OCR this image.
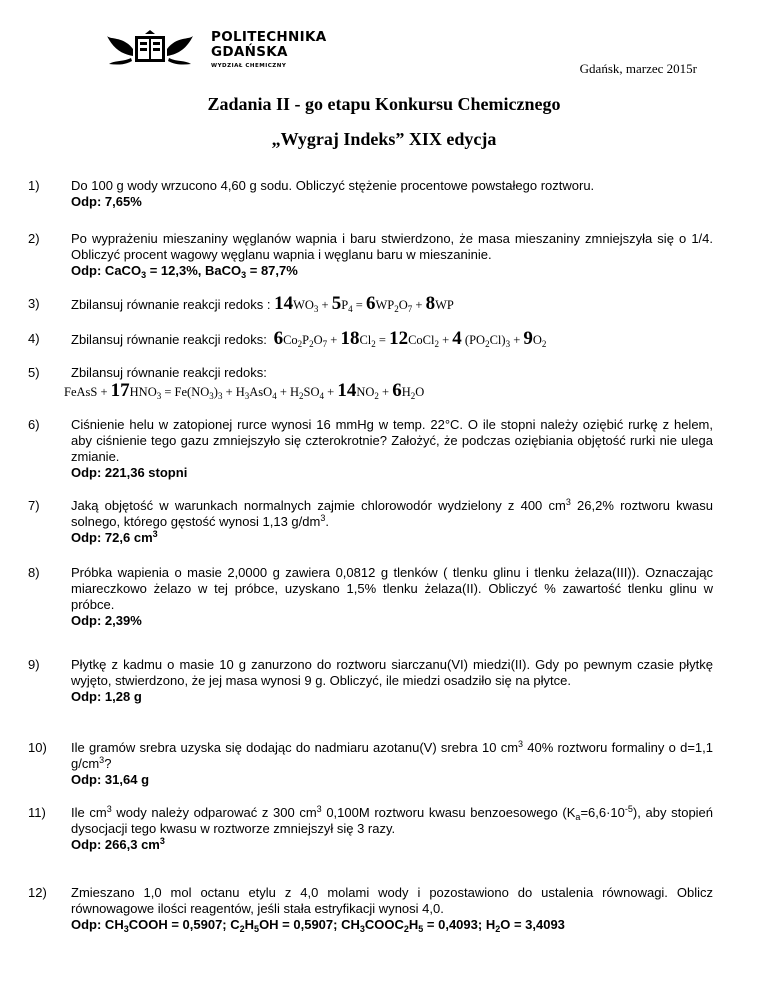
POLITECHNIKA
GDAŃSKA
WYDZIAŁ CHEMICZNY	Gdańsk, marzec 2015r
Zadania II - go etapu Konkursu Chemicznego
„Wygraj Indeks” XIX edycja
1)	Do 100 g wody wrzucono 4,60 g sodu. Obliczyć stężenie procentowe powstałego roztworu.
Odp: 7,65%
2)	Po wyprażeniu mieszaniny węglanów wapnia i baru stwierdzono, że masa mieszaniny zmniejszyła się o 1/4. Obliczyć procent wagowy węglanu wapnia i węglanu baru w mieszaninie.
Odp: CaCO$_3$ = 12,3%, BaCO$_3$ = 87,7%
3)	Zbilansuj równanie reakcji redoks : $14WO_3 + 5P_4 = 6WP_2O_7 + 8WP$
4)	Zbilansuj równanie reakcji redoks: $6Co_2P_2O_7 + 18Cl_2$ = 12CoCl$_2$ + 4 $(PO_2Cl)_3 + 9O_2$
5)	Zbilansuj równanie reakcji redoks:
FeAsS + $17HNO_3 = Fe(NO_3)_3 + H_3AsO_4 + H_2SO_4 + 14NO_2 + 6H_2O$
6)	Ciśnienie helu w zatopionej rurce wynosi 16 mmHg w temp. 22°C. O ile stopni należy oziębić rurkę z helem, aby ciśnienie tego gazu zmniejszyło się czterokrotnie? Założyć, że podczas oziębiania objętość rurki nie ulega zmianie.
Odp: 221,36 stopni
7)	Jaką objętość w warunkach normalnych zajmie chlorowodór wydzielony z 400 $cm^3$ 26,2% roztworu kwasu solnego, którego gęstość wynosi 1,13 $g/dm^3$.
Odp: 72,6 $cm^3$
8)	Próbka wapienia o masie 2,0000 g zawiera 0,0812 g tlenków ( tlenku glinu i tlenku żelaza(III)). Oznaczając miareczkowo żelazo w tej próbce, uzyskano 1,5% tlenku żelaza(II). Obliczyć % zawartość tlenku glinu w próbce.
Odp: 2,39%
9)	Płytkę z kadmu o masie 10 g zanurzono do roztworu siarczanu(VI) miedzi(II). Gdy po pewnym czasie płytkę wyjęto, stwierdzono, że jej masa wynosi 9 g. Obliczyć, ile miedzi osadziło się na płytce.
Odp: 1,28 g
10)	Ile gramów srebra uzyska się dodając do nadmiaru azotanu(V) srebra 10 $cm^3$ 40% roztworu formaliny o d=1,1 $g/cm^3$?
Odp: 31,64 g
11)	Ile $cm^3$ wody należy odparować z 300 $cm^3$ 0,100M roztworu kwasu benzoesowego $(K_a=6,6\cdot 10^{-5})$, aby stopień dysocjacji tego kwasu w roztworze zmniejszył się 3 razy.
Odp: 266,3 $cm^3$
12)	Zmieszano 1,0 mol octanu etylu z 4,0 molami wody i pozostawiono do ustalenia równowagi. Oblicz równowagowe ilości reagentów, jeśli stała estryfikacji wynosi 4,0.
Odp: $CH_3COOH = 0,5907$; $C_2H_5OH = 0,5907$; $CH_3COOC_2H_5 = 0,4093$; $H_2O = 3,4093$
